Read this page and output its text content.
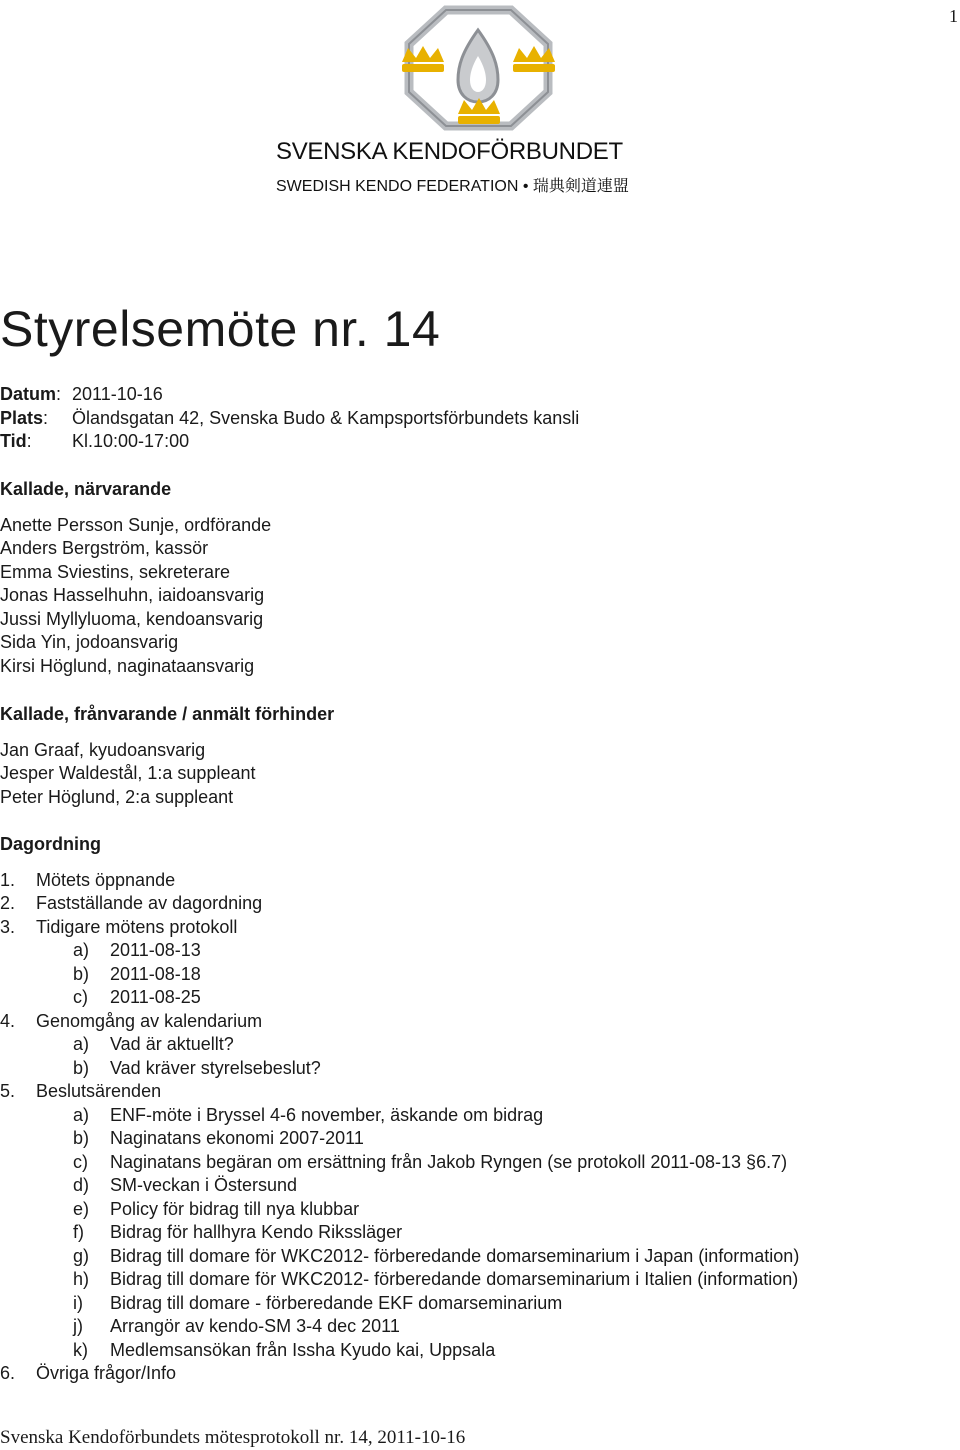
1
SVENSKA KENDOFÖRBUNDET
SWEDISH KENDO FEDERATION • 瑞典剣道連盟
Styrelsemöte nr. 14
Datum: 2011-10-16
Plats: Ölandsgatan 42, Svenska Budo & Kampsportsförbundets kansli
Tid: Kl.10:00-17:00
Kallade, närvarande
Anette Persson Sunje, ordförande
Anders Bergström, kassör
Emma Sviestins, sekreterare
Jonas Hasselhuhn, iaidoansvarig
Jussi Myllyluoma, kendoansvarig
Sida Yin, jodoansvarig
Kirsi Höglund, naginataansvarig
Kallade, frånvarande / anmält förhinder
Jan Graaf, kyudoansvarig
Jesper Waldestål, 1:a suppleant
Peter Höglund, 2:a suppleant
Dagordning
1. Mötets öppnande
2. Fastställande av dagordning
3. Tidigare mötens protokoll
a) 2011-08-13
b) 2011-08-18
c) 2011-08-25
4. Genomgång av kalendarium
a) Vad är aktuellt?
b) Vad kräver styrelsebeslut?
5. Beslutsärenden
a) ENF-möte i Bryssel 4-6 november, äskande om bidrag
b) Naginatans ekonomi 2007-2011
c) Naginatans begäran om ersättning från Jakob Ryngen (se protokoll 2011-08-13 §6.7)
d) SM-veckan i Östersund
e) Policy för bidrag till nya klubbar
f) Bidrag för hallhyra Kendo Rikssläger
g) Bidrag till domare för WKC2012- förberedande domarseminarium i Japan (information)
h) Bidrag till domare för WKC2012- förberedande domarseminarium i Italien (information)
i) Bidrag till domare - förberedande EKF domarseminarium
j) Arrangör av kendo-SM 3-4 dec 2011
k) Medlemsansökan från Issha Kyudo kai, Uppsala
6. Övriga frågor/Info
Svenska Kendoförbundets mötesprotokoll nr. 14, 2011-10-16
